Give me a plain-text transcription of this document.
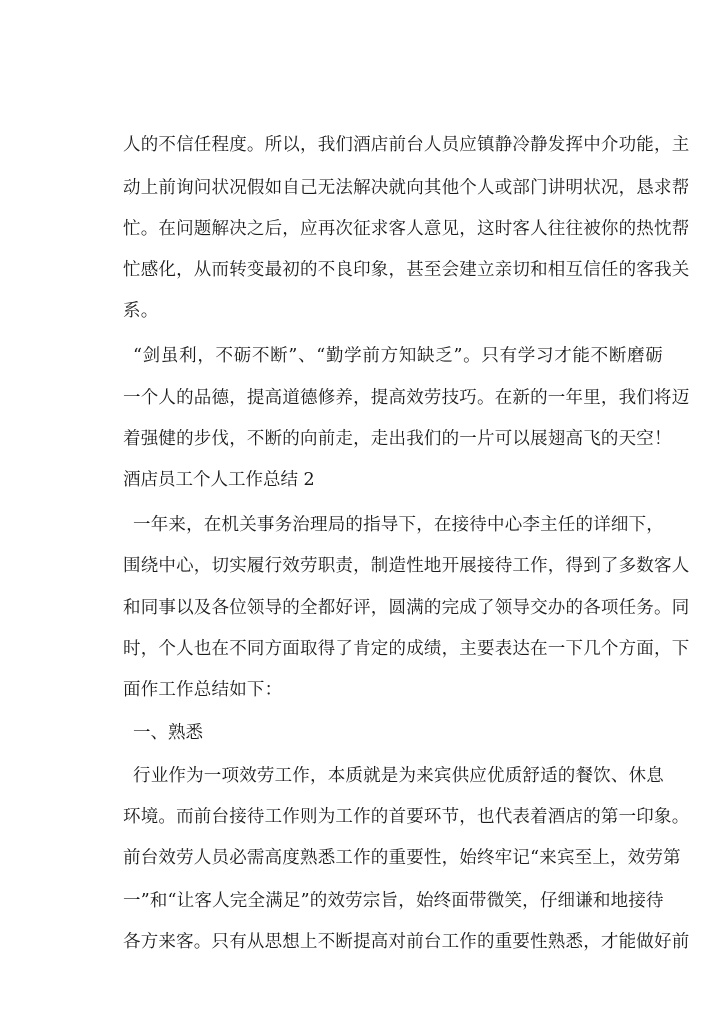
人的不信任程度。所以，我们酒店前台人员应镇静冷静发挥中介功能，主
动上前询问状况假如自己无法解决就向其他个人或部门讲明状况，恳求帮
忙。在问题解决之后，应再次征求客人意见，这时客人往往被你的热忱帮
忙感化，从而转变最初的不良印象，甚至会建立亲切和相互信任的客我关
系。
“剑虽利，不砺不断”、“勤学前方知缺乏”。只有学习才能不断磨砺
一个人的品德，提高道德修养，提高效劳技巧。在新的一年里，我们将迈
着强健的步伐，不断的向前走，走出我们的一片可以展翅高飞的天空！
酒店员工个人工作总结 2
一年来，在机关事务治理局的指导下，在接待中心李主任的详细下，
围绕中心，切实履行效劳职责，制造性地开展接待工作，得到了多数客人
和同事以及各位领导的全都好评，圆满的完成了领导交办的各项任务。同
时，个人也在不同方面取得了肯定的成绩，主要表达在一下几个方面，下
面作工作总结如下：
一、熟悉
行业作为一项效劳工作，本质就是为来宾供应优质舒适的餐饮、休息
环境。而前台接待工作则为工作的首要环节，也代表着酒店的第一印象。
前台效劳人员必需高度熟悉工作的重要性，始终牢记“来宾至上，效劳第
一”和“让客人完全满足”的效劳宗旨，始终面带微笑，仔细谦和地接待
各方来客。只有从思想上不断提高对前台工作的重要性熟悉，才能做好前
